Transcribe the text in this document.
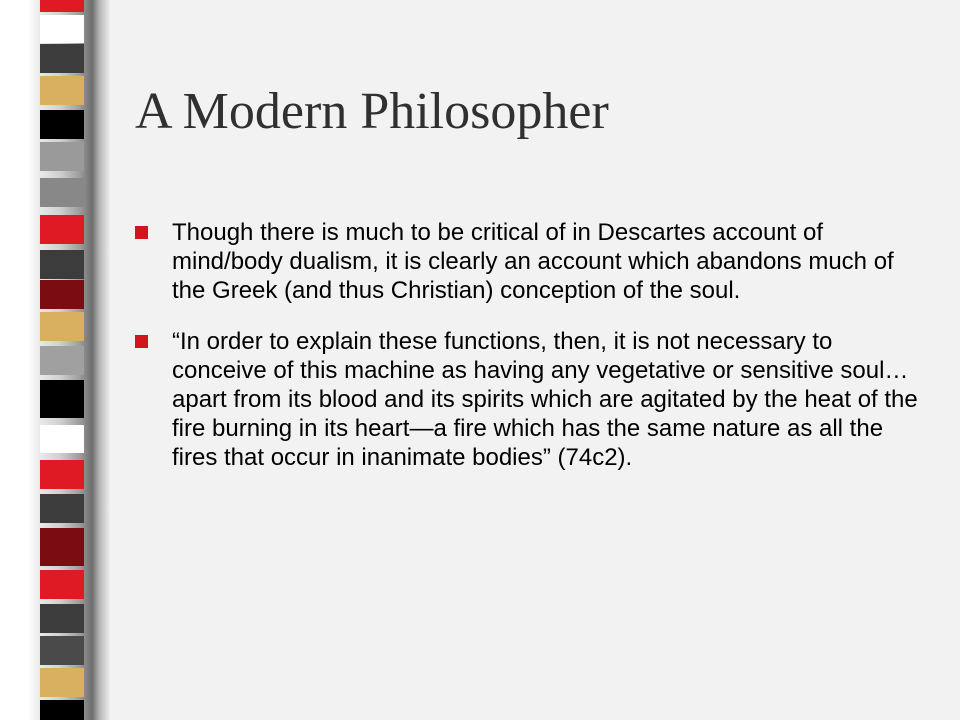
A Modern Philosopher
Though there is much to be critical of in Descartes account of mind/body dualism, it is clearly an account which abandons much of the Greek (and thus Christian) conception of the soul.
“In order to explain these functions, then, it is not necessary to conceive of this machine as having any vegetative or sensitive soul…apart from its blood and its spirits which are agitated by the heat of the fire burning in its heart—a fire which has the same nature as all the fires that occur in inanimate bodies” (74c2).
